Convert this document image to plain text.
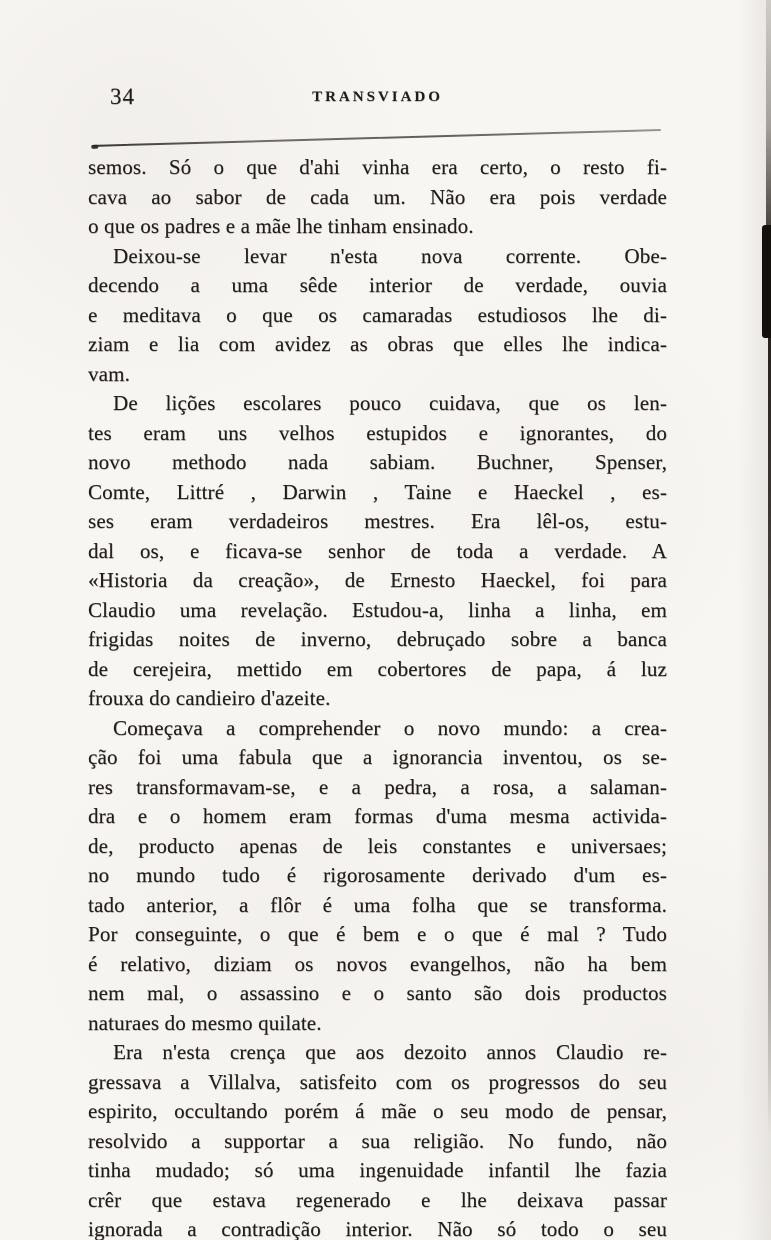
34	TRANSVIADO
semos. Só o que d'ahi vinha era certo, o resto fi-
cava ao sabor de cada um. Não era pois verdade
o que os padres e a mãe lhe tinham ensinado.
Deixou-se levar n'esta nova corrente. Obe-
decendo a uma sêde interior de verdade, ouvia
e meditava o que os camaradas estudiosos lhe di-
ziam e lia com avidez as obras que elles lhe indica-
vam.
De lições escolares pouco cuidava, que os len-
tes eram uns velhos estupidos e ignorantes, do
novo methodo nada sabiam. Buchner, Spenser,
Comte, Littré , Darwin , Taine e Haeckel , es-
ses eram verdadeiros mestres. Era lêl-os, estu-
dal os, e ficava-se senhor de toda a verdade. A
«Historia da creação», de Ernesto Haeckel, foi para
Claudio uma revelação. Estudou-a, linha a linha, em
frigidas noites de inverno, debruçado sobre a banca
de cerejeira, mettido em cobertores de papa, á luz
frouxa do candieiro d'azeite.
Começava a comprehender o novo mundo: a crea-
ção foi uma fabula que a ignorancia inventou, os se-
res transformavam-se, e a pedra, a rosa, a salaman-
dra e o homem eram formas d'uma mesma activida-
de, producto apenas de leis constantes e universaes;
no mundo tudo é rigorosamente derivado d'um es-
tado anterior, a flôr é uma folha que se transforma.
Por conseguinte, o que é bem e o que é mal ? Tudo
é relativo, diziam os novos evangelhos, não ha bem
nem mal, o assassino e o santo são dois productos
naturaes do mesmo quilate.
Era n'esta crença que aos dezoito annos Claudio re-
gressava a Villalva, satisfeito com os progressos do seu
espirito, occultando porém á mãe o seu modo de pensar,
resolvido a supportar a sua religião. No fundo, não
tinha mudado; só uma ingenuidade infantil lhe fazia
crêr que estava regenerado e lhe deixava passar
ignorada a contradição interior. Não só todo o seu
